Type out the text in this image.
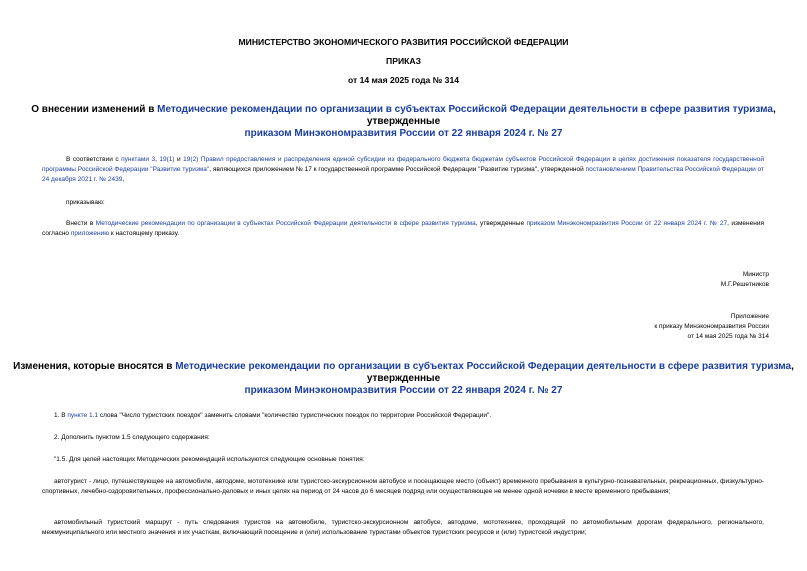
МИНИСТЕРСТВО ЭКОНОМИЧЕСКОГО РАЗВИТИЯ РОССИЙСКОЙ ФЕДЕРАЦИИ
ПРИКАЗ
от 14 мая 2025 года № 314
О внесении изменений в Методические рекомендации по организации в субъектах Российской Федерации деятельности в сфере развития туризма, утвержденные
приказом Минэкономразвития России от 22 января 2024 г. № 27
В соответствии с пунктами 3, 19(1) и 19(2) Правил предоставления и распределения единой субсидии из федерального бюджета бюджетам субъектов Российской Федерации в целях достижения показателя государственной программы Российской Федерации "Развитие туризма", являющихся приложением № 17 к государственной программе Российской Федерации "Развитие туризма", утвержденной постановлением Правительства Российской Федерации от 24 декабря 2021 г. № 2439,
приказываю:
Внести в Методические рекомендации по организации в субъектах Российской Федерации деятельности в сфере развития туризма, утвержденные приказом Минэкономразвития России от 22 января 2024 г. № 27, изменения согласно приложению к настоящему приказу.
Министр
М.Г.Решетников
Приложение
к приказу Минэкономразвития России
от 14 мая 2025 года № 314
Изменения, которые вносятся в Методические рекомендации по организации в субъектах Российской Федерации деятельности в сфере развития туризма, утвержденные
приказом Минэкономразвития России от 22 января 2024 г. № 27
1. В пункте 1.1 слова "Число туристских поездок" заменить словами "количество туристических поездок по территории Российской Федерации".
2. Дополнить пунктом 1.5 следующего содержания:
"1.5. Для целей настоящих Методических рекомендаций используются следующие основные понятия:
автотурист - лицо, путешествующее на автомобиле, автодоме, мототехнике или туристско-экскурсионном автобусе и посещающее место (объект) временного пребывания в культурно-познавательных, рекреационных, физкультурно-спортивных, лечебно-оздоровительных, профессионально-деловых и иных целях на период от 24 часов до 6 месяцев подряд или осуществляющее не менее одной ночевки в месте временного пребывания;
автомобильный туристский маршрут - путь следования туристов на автомобиле, туристско-экскурсионном автобусе, автодоме, мототехнике, проходящий по автомобильным дорогам федерального, регионального, межмуниципального или местного значения и их участкам, включающий посещение и (или) использование туристами объектов туристских ресурсов и (или) туристской индустрии;
